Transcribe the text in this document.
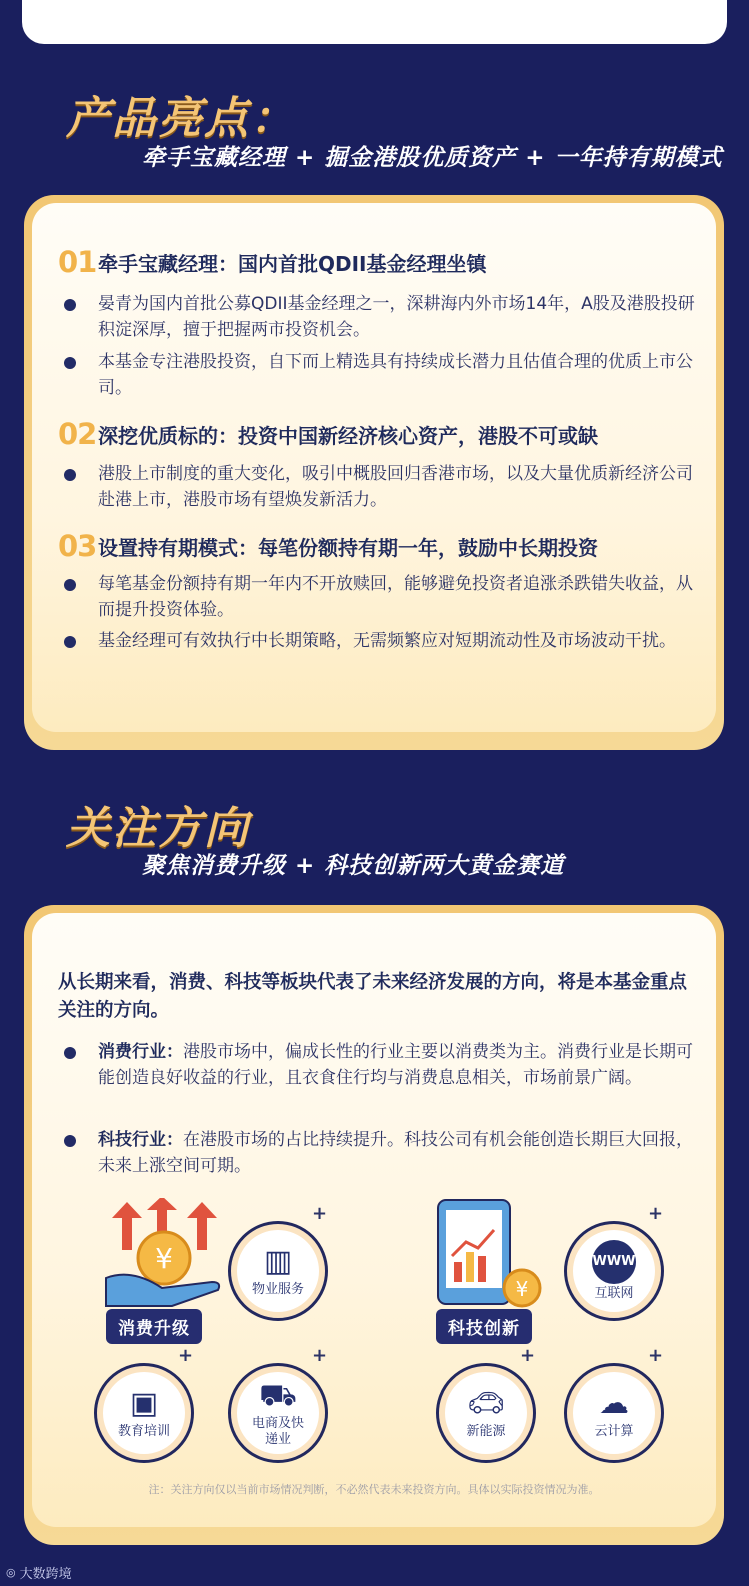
产品亮点：
牵手宝藏经理 + 掘金港股优质资产 + 一年持有期模式
01 牵手宝藏经理：国内首批QDII基金经理坐镇
晏青为国内首批公募QDII基金经理之一，深耕海内外市场14年，A股及港股投研积淀深厚，擅于把握两市投资机会。
本基金专注港股投资，自下而上精选具有持续成长潜力且估值合理的优质上市公司。
02 深挖优质标的：投资中国新经济核心资产，港股不可或缺
港股上市制度的重大变化，吸引中概股回归香港市场，以及大量优质新经济公司赴港上市，港股市场有望焕发新活力。
03 设置持有期模式：每笔份额持有期一年，鼓励中长期投资
每笔基金份额持有期一年内不开放赎回，能够避免投资者追涨杀跌错失收益，从而提升投资体验。
基金经理可有效执行中长期策略，无需频繁应对短期流动性及市场波动干扰。
关注方向
聚焦消费升级 + 科技创新两大黄金赛道
从长期来看，消费、科技等板块代表了未来经济发展的方向，将是本基金重点关注的方向。
消费行业：港股市场中，偏成长性的行业主要以消费类为主。消费行业是长期可能创造良好收益的行业，且衣食住行均与消费息息相关，市场前景广阔。
科技行业：在港股市场的占比持续提升。科技公司有机会能创造长期巨大回报，未来上涨空间可期。
¥
消费升级
▥
物业服务
+
▣
教育培训
+
⛟
电商及快递业
+
¥
科技创新
WWW
互联网
+
🚗︎
新能源
+
☁
云计算
+
注：关注方向仅以当前市场情况判断，不必然代表未来投资方向。具体以实际投资情况为准。
◎ 大数跨境
